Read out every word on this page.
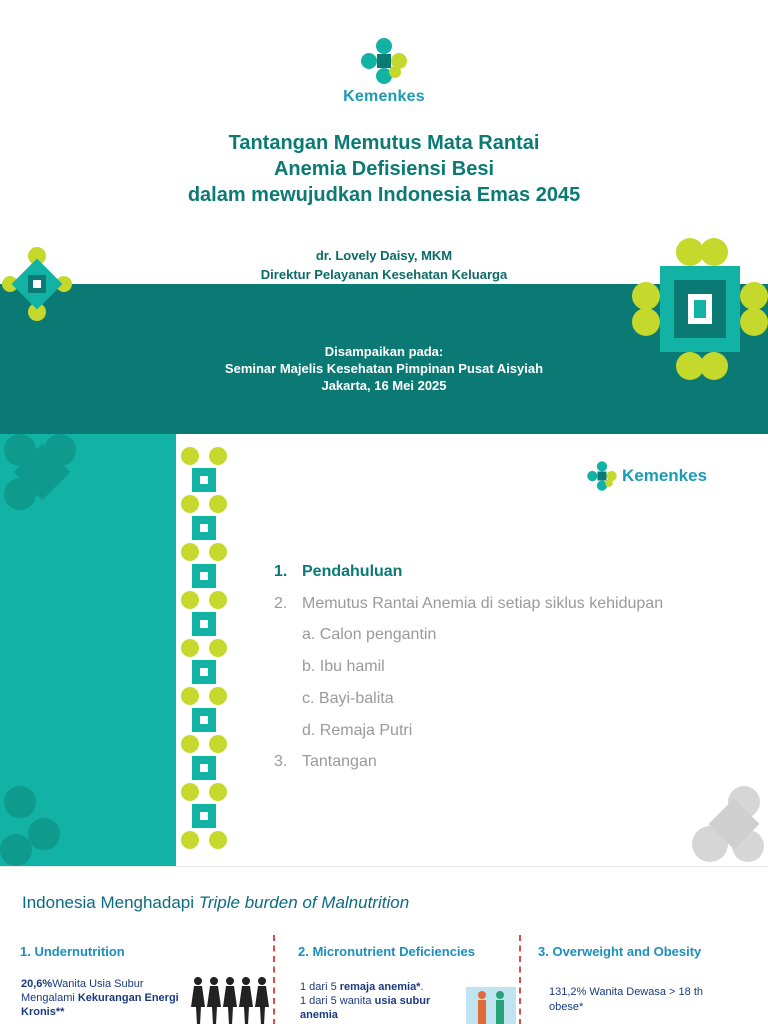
Kemenkes
Tantangan Memutus Mata Rantai
Anemia Defisiensi Besi
dalam mewujudkan Indonesia Emas 2045
dr. Lovely Daisy, MKM
Direktur Pelayanan Kesehatan Keluarga
Disampaikan pada:
Seminar Majelis Kesehatan Pimpinan Pusat Aisyiah
Jakarta, 16 Mei 2025
Kemenkes
1. Pendahuluan
2. Memutus Rantai Anemia di setiap siklus kehidupan
a. Calon pengantin
b. Ibu hamil
c. Bayi-balita
d. Remaja Putri
3. Tantangan
Indonesia Menghadapi Triple burden of Malnutrition
1. Undernutrition	2. Micronutrient Deficiencies	3. Overweight and Obesity
20,6%Wanita Usia Subur Mengalami Kekurangan Energi Kronis**
1 dari 5 remaja anemia*.
1 dari 5 wanita usia subur anemia
131,2% Wanita Dewasa > 18 th obese*
